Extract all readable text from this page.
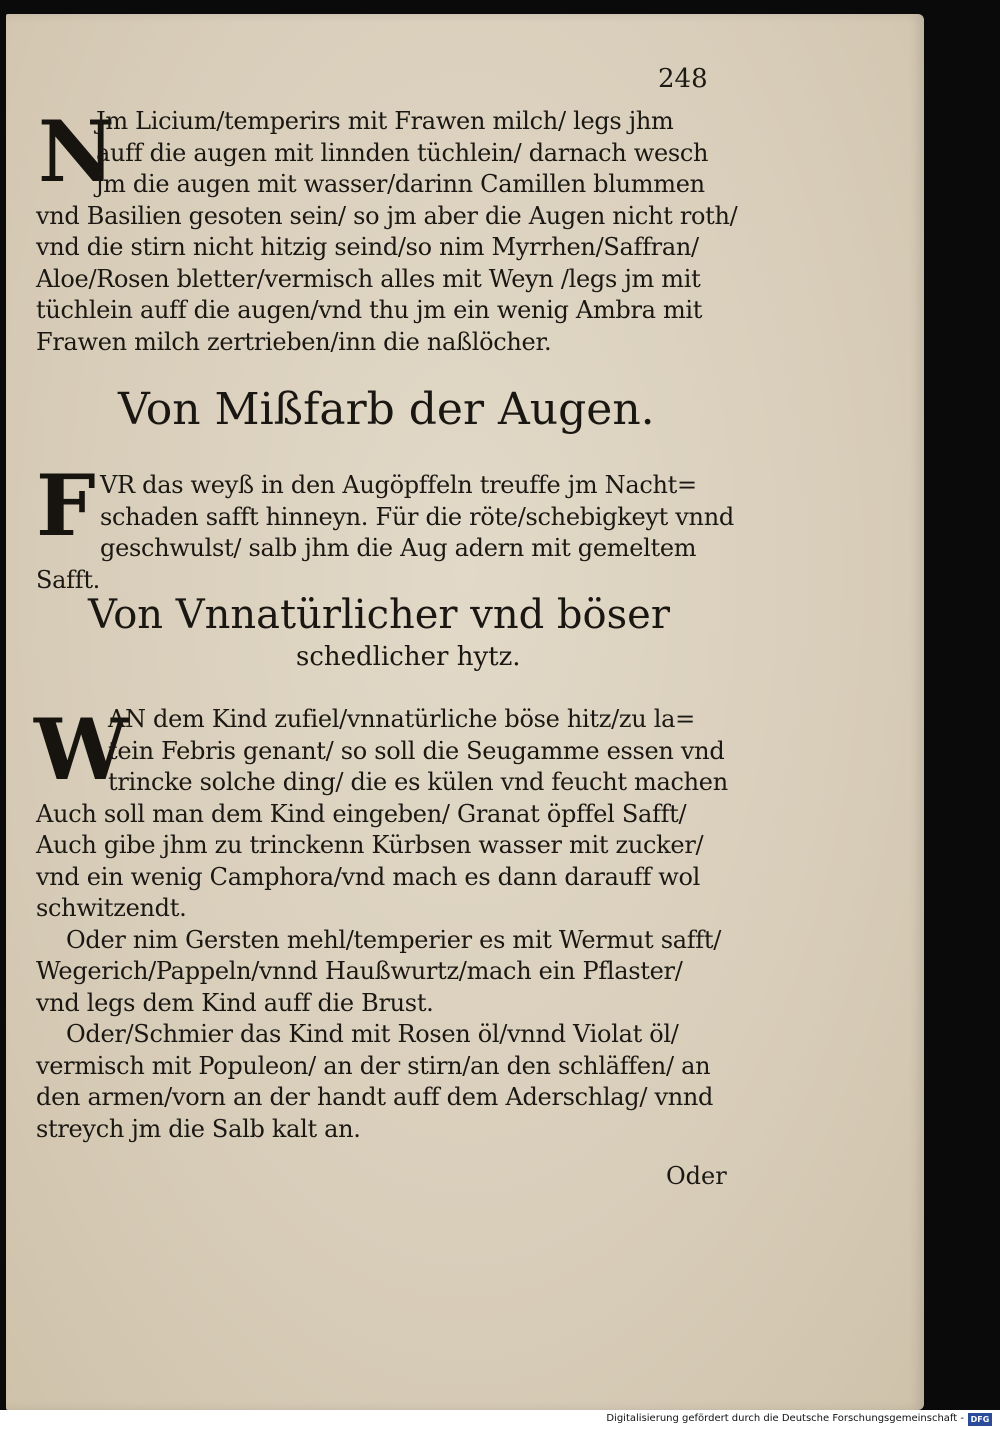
248
N
Jm Licium/temperirs mit Frawen milch/ legs jhm
auff die augen mit linnden tüchlein/ darnach wesch
jm die augen mit wasser/darinn Camillen blummen
vnd Basilien gesoten sein/ so jm aber die Augen nicht roth/
vnd die stirn nicht hitzig seind/so nim Myrrhen/Saffran/
Aloe/Rosen bletter/vermisch alles mit Weyn /legs jm mit
tüchlein auff die augen/vnd thu jm ein wenig Ambra mit
Frawen milch zertrieben/inn die naßlöcher.
Von Mißfarb der Augen.
F VR das weyß in den Augöpffeln treuffe jm Nacht=
schaden safft hinneyn. Für die röte/schebigkeyt vnnd
geschwulst/ salb jhm die Aug adern mit gemeltem
Safft.
Von Vnnatürlicher vnd böser
schedlicher hytz.
W
AN dem Kind zufiel/vnnatürliche böse hitz/zu la=
tein Febris genant/ so soll die Seugamme essen vnd
trincke solche ding/ die es külen vnd feucht machen
Auch soll man dem Kind eingeben/ Granat öpffel Safft/
Auch gibe jhm zu trinckenn Kürbsen wasser mit zucker/
vnd ein wenig Camphora/vnd mach es dann darauff wol
schwitzendt.
Oder nim Gersten mehl/temperier es mit Wermut safft/
Wegerich/Pappeln/vnnd Haußwurtz/mach ein Pflaster/
vnd legs dem Kind auff die Brust.
Oder/Schmier das Kind mit Rosen öl/vnnd Violat öl/
vermisch mit Populeon/ an der stirn/an den schläffen/ an
den armen/vorn an der handt auff dem Aderschlag/ vnnd
streych jm die Salb kalt an.
Oder
Digitalisierung gefördert durch die Deutsche Forschungsgemeinschaft - DFG
